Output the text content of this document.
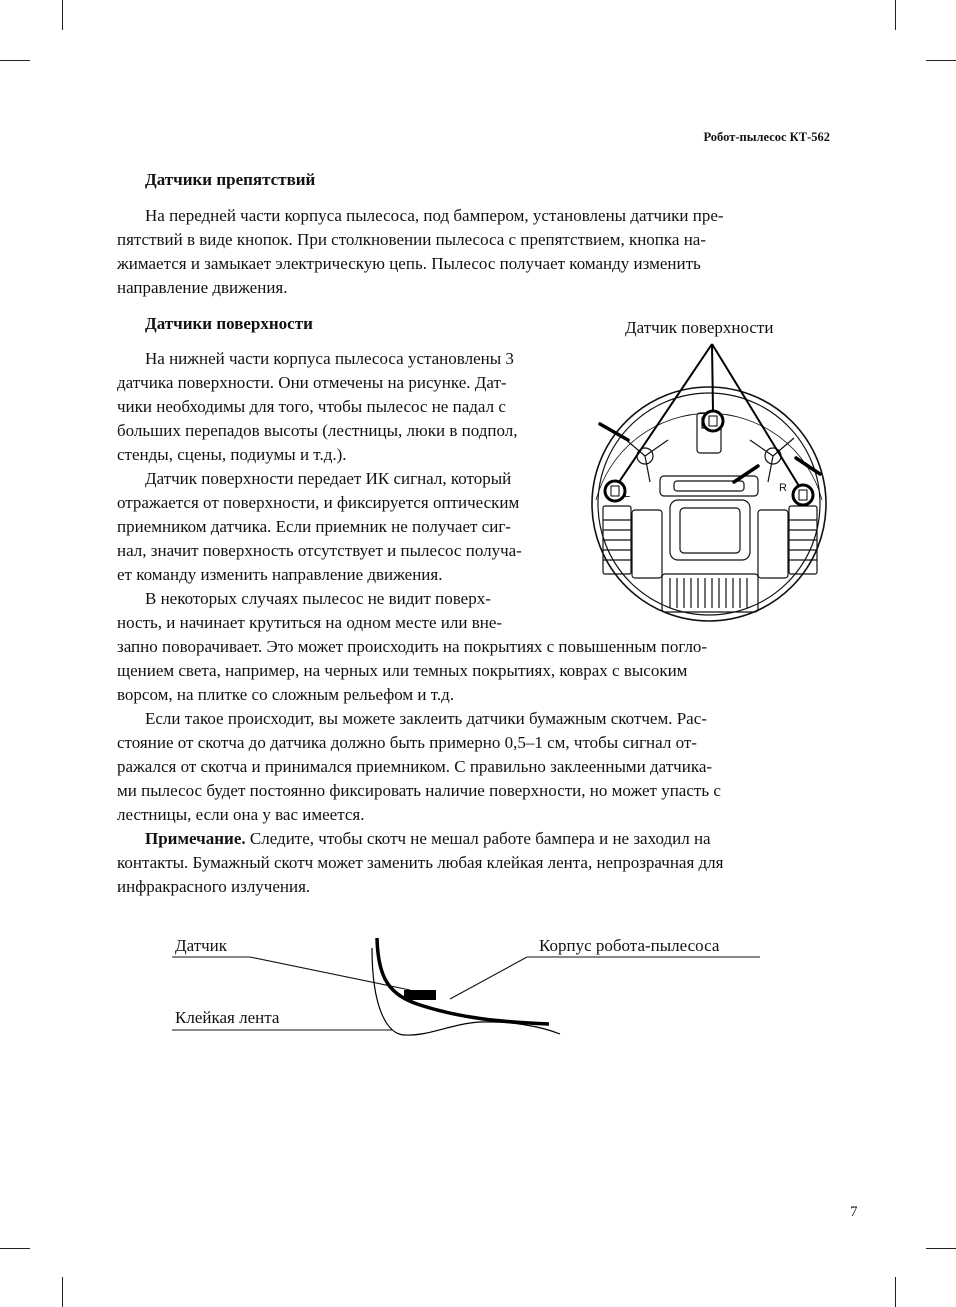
Робот-пылесос КТ-562
Датчики препятствий
На передней части корпуса пылесоса, под бампером, установлены датчики пре-
пятствий в виде кнопок. При столкновении пылесоса с препятствием, кнопка на-
жимается и замыкает электрическую цепь. Пылесос получает команду изменить
направление движения.
Датчики поверхности
На нижней части корпуса пылесоса установлены 3
датчика поверхности. Они отмечены на рисунке. Дат-
чики необходимы для того, чтобы пылесос не падал с
больших перепадов высоты (лестницы, люки в подпол,
стенды, сцены, подиумы и т.д.).
Датчик поверхности передает ИК сигнал, который
отражается от поверхности, и фиксируется оптическим
приемником датчика. Если приемник не получает сиг-
нал, значит поверхность отсутствует и пылесос получа-
ет команду изменить направление движения.
В некоторых случаях пылесос не видит поверх-
ность, и начинает крутиться на одном месте или вне-
запно поворачивает. Это может происходить на покрытиях с повышенным погло-
щением света, например, на черных или темных покрытиях, коврах с высоким
ворсом, на плитке со сложным рельефом и т.д.
Если такое происходит, вы можете заклеить датчики бумажным скотчем. Рас-
стояние от скотча до датчика должно быть примерно 0,5–1 см, чтобы сигнал от-
ражался от скотча и принимался приемником. С правильно заклеенными датчика-
ми пылесос будет постоянно фиксировать наличие поверхности, но может упасть с
лестницы, если она у вас имеется.
Примечание. Следите, чтобы скотч не мешал работе бампера и не заходил на
контакты. Бумажный скотч может заменить любая клейкая лента, непрозрачная для
инфракрасного излучения.
Датчик поверхности
L	R
Датчик	Корпус робота-пылесоса
Клейкая лента
7
